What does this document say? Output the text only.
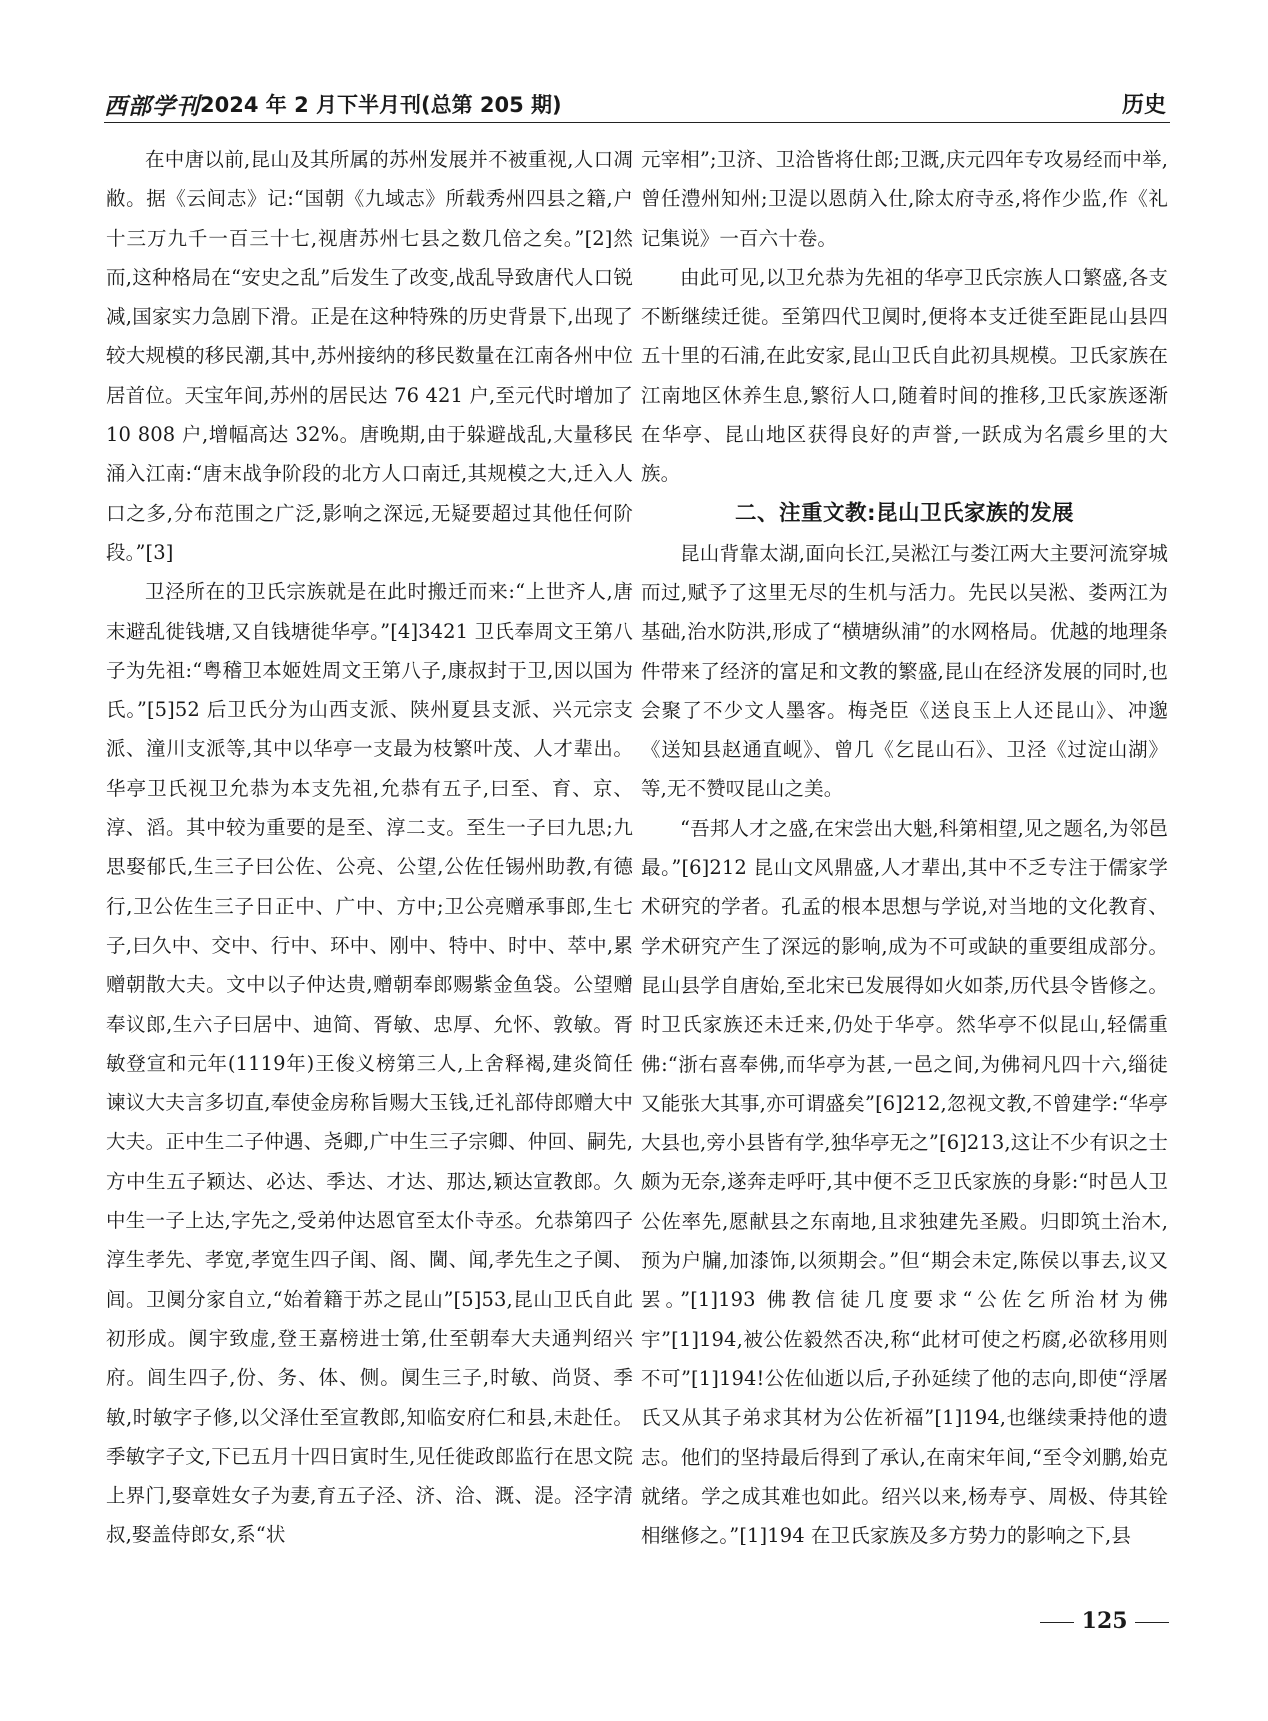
西部学刊 2024 年 2 月下半月刊(总第 205 期)	历史

在中唐以前,昆山及其所属的苏州发展并不被重视,人口凋敝。据《云间志》记:“国朝《九域志》所载秀州四县之籍,户十三万九千一百三十七,视唐苏州七县之数几倍之矣。”[2]然而,这种格局在“安史之乱”后发生了改变,战乱导致唐代人口锐减,国家实力急剧下滑。正是在这种特殊的历史背景下,出现了较大规模的移民潮,其中,苏州接纳的移民数量在江南各州中位居首位。天宝年间,苏州的居民达 76 421 户,至元代时增加了 10 808 户,增幅高达 32%。唐晚期,由于躲避战乱,大量移民涌入江南:“唐末战争阶段的北方人口南迁,其规模之大,迁入人口之多,分布范围之广泛,影响之深远,无疑要超过其他任何阶段。”[3]

卫泾所在的卫氏宗族就是在此时搬迁而来:“上世齐人,唐末避乱徙钱塘,又自钱塘徙华亭。”[4]3421 卫氏奉周文王第八子为先祖:“粤稽卫本姬姓周文王第八子,康叔封于卫,因以国为氏。”[5]52 后卫氏分为山西支派、陕州夏县支派、兴元宗支派、潼川支派等,其中以华亭一支最为枝繁叶茂、人才辈出。华亭卫氏视卫允恭为本支先祖,允恭有五子,曰至、育、京、淳、滔。其中较为重要的是至、淳二支。至生一子曰九思;九思娶郁氏,生三子曰公佐、公亮、公望,公佐任锡州助教,有德行,卫公佐生三子日正中、广中、方中;卫公亮赠承事郎,生七子,曰久中、交中、行中、环中、刚中、特中、时中、萃中,累赠朝散大夫。文中以子仲达贵,赠朝奉郎赐紫金鱼袋。公望赠奉议郎,生六子曰居中、迪简、胥敏、忠厚、允怀、敦敏。胥敏登宣和元年(1119年)王俊义榜第三人,上舍释褐,建炎简任谏议大夫言多切直,奉使金房称旨赐大玉钱,迁礼部侍郎赠大中大夫。正中生二子仲遇、尧卿,广中生三子宗卿、仲回、嗣先,方中生五子颖达、必达、季达、才达、那达,颖达宣教郎。久中生一子上达,字先之,受弟仲达恩官至太仆寺丞。允恭第四子淳生孝先、孝宽,孝宽生四子闺、阁、閫、闻,孝先生之子阒、闾。卫阒分家自立,“始着籍于苏之昆山”[5]53,昆山卫氏自此初形成。阒宇致虚,登王嘉榜进士第,仕至朝奉大夫通判绍兴府。闾生四子,份、务、体、侧。阒生三子,时敏、尚贤、季敏,时敏字子修,以父泽仕至宣教郎,知临安府仁和县,未赴任。季敏字子文,下已五月十四日寅时生,见任徙政郎监行在思文院上界门,娶章姓女子为妻,育五子泾、济、洽、溉、湜。泾字清叔,娶盖侍郎女,系“状

元宰相”;卫济、卫洽皆将仕郎;卫溉,庆元四年专攻易经而中举,曾任澧州知州;卫湜以恩荫入仕,除太府寺丞,将作少监,作《礼记集说》一百六十卷。

由此可见,以卫允恭为先祖的华亭卫氏宗族人口繁盛,各支不断继续迁徙。至第四代卫阒时,便将本支迁徙至距昆山县四五十里的石浦,在此安家,昆山卫氏自此初具规模。卫氏家族在江南地区休养生息,繁衍人口,随着时间的推移,卫氏家族逐渐在华亭、昆山地区获得良好的声誉,一跃成为名震乡里的大族。

二、注重文教:昆山卫氏家族的发展

昆山背靠太湖,面向长江,吴淞江与娄江两大主要河流穿城而过,赋予了这里无尽的生机与活力。先民以吴淞、娄两江为基础,治水防洪,形成了“横塘纵浦”的水网格局。优越的地理条件带来了经济的富足和文教的繁盛,昆山在经济发展的同时,也会聚了不少文人墨客。梅尧臣《送良玉上人还昆山》、冲邈《送知县赵通直岘》、曾几《乞昆山石》、卫泾《过淀山湖》等,无不赞叹昆山之美。

“吾邦人才之盛,在宋尝出大魁,科第相望,见之题名,为邻邑最。”[6]212 昆山文风鼎盛,人才辈出,其中不乏专注于儒家学术研究的学者。孔孟的根本思想与学说,对当地的文化教育、学术研究产生了深远的影响,成为不可或缺的重要组成部分。昆山县学自唐始,至北宋已发展得如火如荼,历代县令皆修之。时卫氏家族还未迁来,仍处于华亭。然华亭不似昆山,轻儒重佛:“浙右喜奉佛,而华亭为甚,一邑之间,为佛祠凡四十六,缁徒又能张大其事,亦可谓盛矣”[6]212,忽视文教,不曾建学:“华亭大县也,旁小县皆有学,独华亭无之”[6]213,这让不少有识之士颇为无奈,遂奔走呼吁,其中便不乏卫氏家族的身影:“时邑人卫公佐率先,愿献县之东南地,且求独建先圣殿。归即筑土治木,预为户牖,加漆饰,以须期会。”但“期会未定,陈侯以事去,议又罢。”[1]193 佛教信徒几度要求“公佐乞所治材为佛宇”[1]194,被公佐毅然否决,称“此材可使之朽腐,必欲移用则不可”[1]194!公佐仙逝以后,子孙延续了他的志向,即使“浮屠氏又从其子弟求其材为公佐祈福”[1]194,也继续秉持他的遗志。他们的坚持最后得到了承认,在南宋年间,“至令刘鹏,始克就绪。学之成其难也如此。绍兴以来,杨寿亨、周极、侍其铨相继修之。”[1]194 在卫氏家族及多方势力的影响之下,县

125
